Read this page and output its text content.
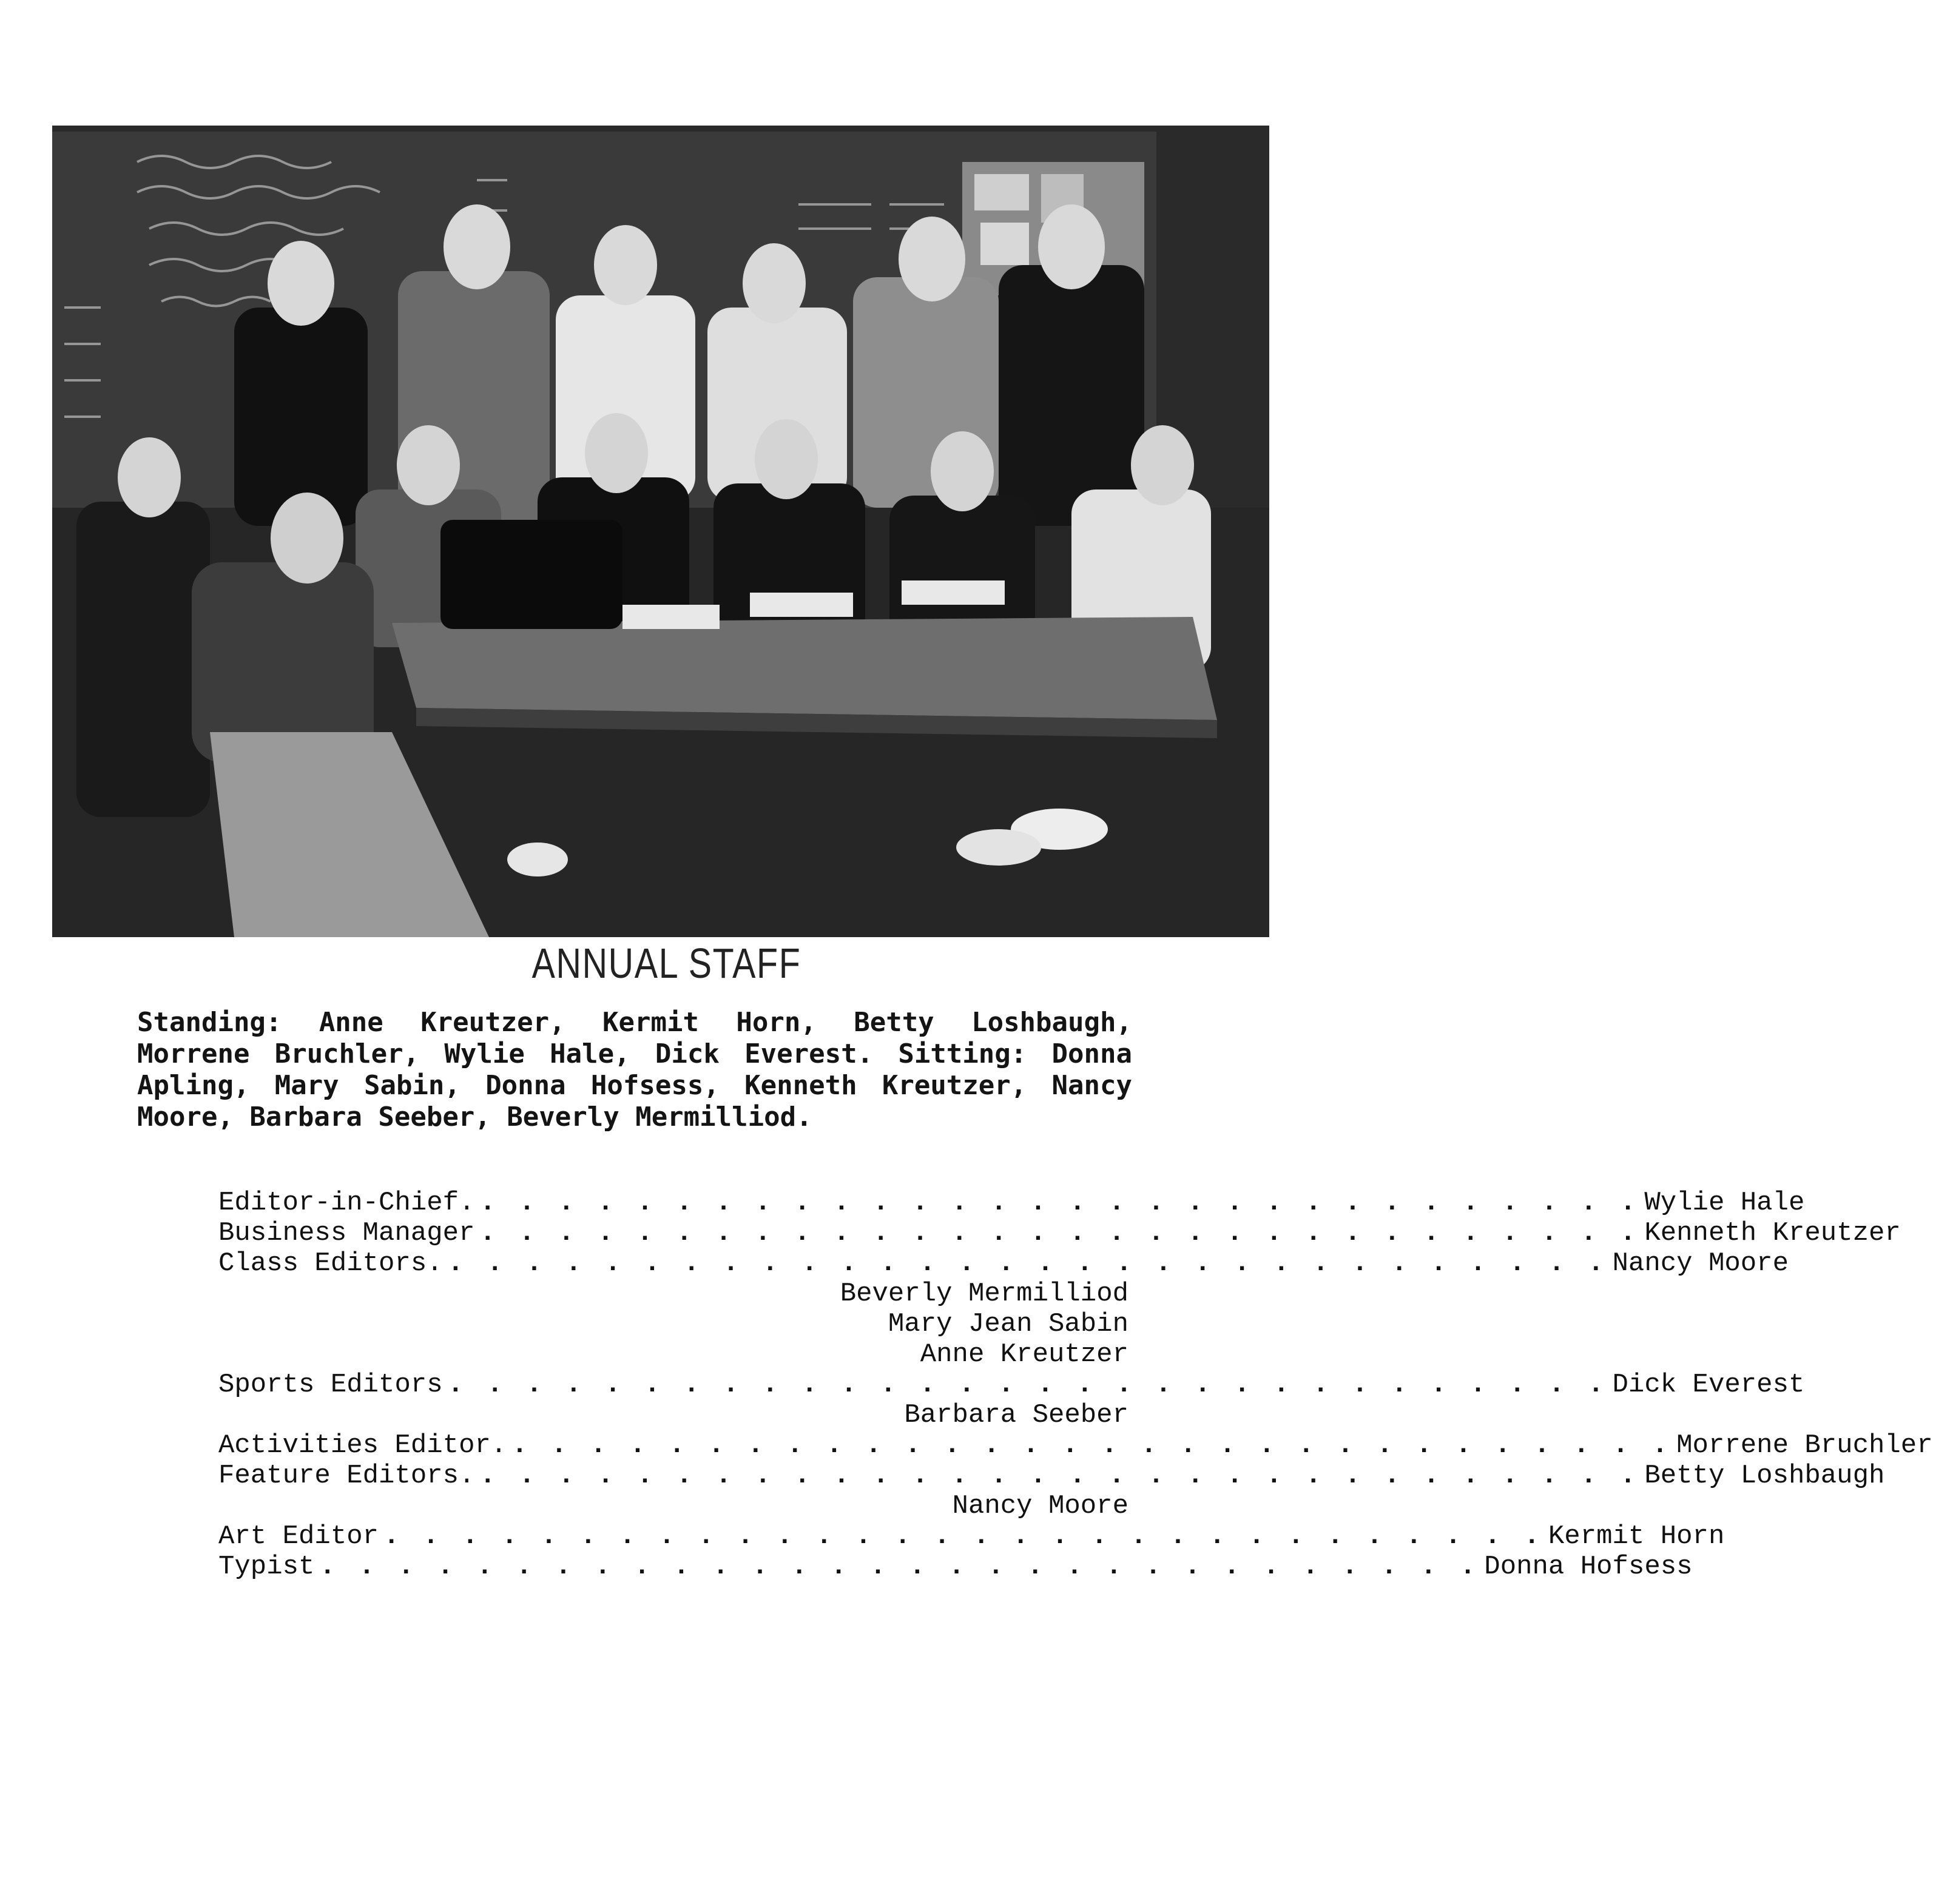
ANNUAL STAFF
Standing: Anne Kreutzer, Kermit Horn, Betty Loshbaugh, Morrene Bruchler, Wylie Hale, Dick Everest. Sitting: Donna Apling, Mary Sabin, Donna Hofsess, Kenneth Kreutzer, Nancy Moore, Barbara Seeber, Beverly Mermilliod.
Editor-in-Chief. . . . . . . . . . . . . . . . . . . . . . . . . . . . . . . Wylie Hale
Business Manager . . . . . . . . . . . . . . . . . . . . . . . . . . . . . . Kenneth Kreutzer
Class Editors. . . . . . . . . . . . . . . . . . . . . . . . . . . . . . . Nancy Moore
Beverly Mermilliod
Mary Jean Sabin
Anne Kreutzer
Sports Editors . . . . . . . . . . . . . . . . . . . . . . . . . . . . . . Dick Everest
Barbara Seeber
Activities Editor. . . . . . . . . . . . . . . . . . . . . . . . . . . . . . . Morrene Bruchler
Feature Editors. . . . . . . . . . . . . . . . . . . . . . . . . . . . . . . Betty Loshbaugh
Nancy Moore
Art Editor . . . . . . . . . . . . . . . . . . . . . . . . . . . . . . Kermit Horn
Typist . . . . . . . . . . . . . . . . . . . . . . . . . . . . . . Donna Hofsess
